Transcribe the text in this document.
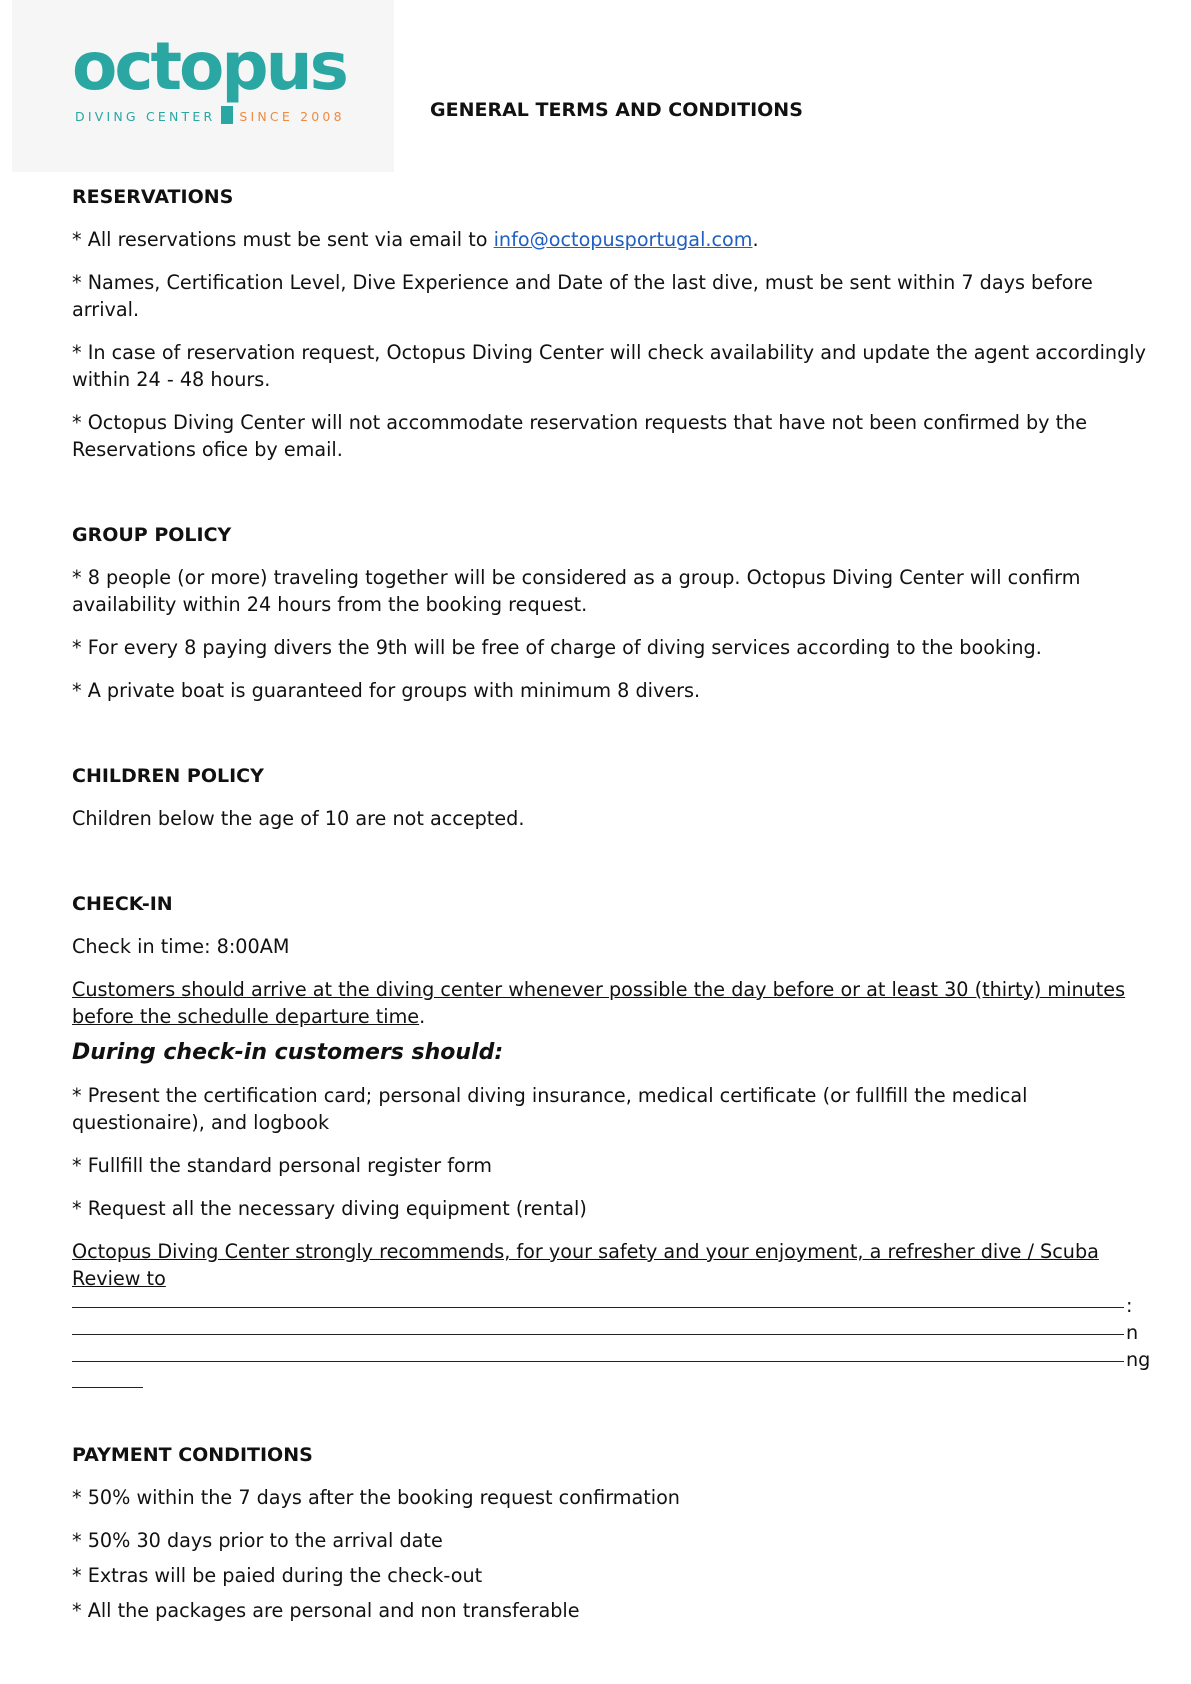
octopus
DIVING CENTER SINCE 2008	GENERAL TERMS AND CONDITIONS
RESERVATIONS

* All reservations must be sent via email to info@octopusportugal.com.

* Names, Certification Level, Dive Experience and Date of the last dive, must be sent within 7 days before arrival.

* In case of reservation request, Octopus Diving Center will check availability and update the agent accordingly within 24 - 48 hours.

* Octopus Diving Center will not accommodate reservation requests that have not been confirmed by the Reservations ofice by email.

GROUP POLICY

* 8 people (or more) traveling together will be considered as a group. Octopus Diving Center will confirm availability within 24 hours from the booking request.

* For every 8 paying divers the 9th will be free of charge of diving services according to the booking.

* A private boat is guaranteed for groups with minimum 8 divers.

CHILDREN POLICY

Children below the age of 10 are not accepted.

CHECK-IN

Check in time: 8:00AM

Customers should arrive at the diving center whenever possible the day before or at least 30 (thirty) minutes before the schedulle departure time.

During check-in customers should:

* Present the certification card; personal diving insurance, medical certificate (or fullfill the medical questionaire), and logbook

* Fullfill the standard personal register form

* Request all the necessary diving equipment (rental)

Octopus Diving Center strongly recommends, for your safety and your enjoyment, a refresher dive / Scuba Review to
:
n
ng
PAYMENT CONDITIONS

* 50% within the 7 days after the booking request confirmation

* 50% 30 days prior to the arrival date

* Extras will be paied during the check-out

* All the packages are personal and non transferable
